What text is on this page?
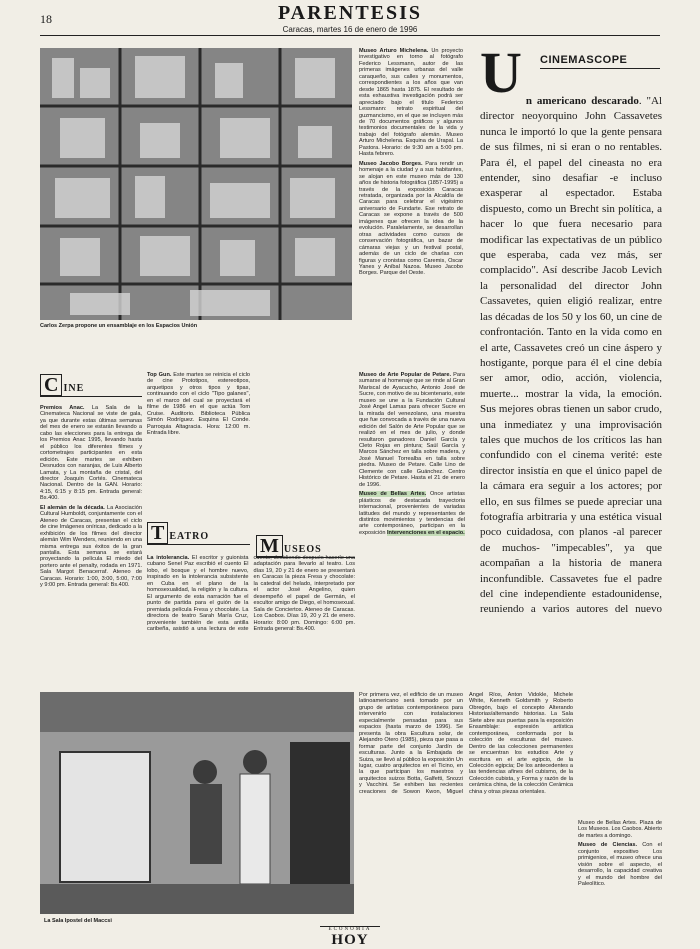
18	PARENTESIS
Caracas, martes 16 de enero de 1996
Carlos Zerpa propone un ensamblaje en los Espacios Unión
C INE

Premios Anac. La Sala de la Cinemateca Nacional se viste de gala, ya que durante estas últimas semanas del mes de enero se estarán llevando a cabo las elecciones para la entrega de los Premios Anac 1995, llevando hasta el público los diferentes filmes y cortometrajes participantes en esta edición. Este martes se exhiben Desnudos con naranjas, de Luis Alberto Lamata, y La montaña de cristal, del director Joaquín Cortés. Cinemateca Nacional. Dentro de la GAN. Horario: 4:15, 6:15 y 8:15 pm. Entrada general: Bs.400.

El alemán de la década. La Asociación Cultural Humboldt, conjuntamente con el Ateneo de Caracas, presentan el ciclo de cine Imágenes oníricas, dedicado a la exhibición de los filmes del director alemán Wim Wenders, reuniendo en una misma entrega sus éxitos de la gran pantalla. Esta semana se estará proyectando la película El miedo del portero ante el penalty, rodada en 1971. Sala Margot Benacerraf. Ateneo de Caracas. Horario: 1:00, 3:00, 5:00, 7:00 y 9:00 pm. Entrada general: Bs.400.

Top Gun. Este martes se reinicia el ciclo de cine Prototipos, estereotipos, arquetipos y otros tipos y tipas, continuando con el ciclo "Tipo galanes", en el marco del cual se proyectará el filme de 1986 en el que actúa Tom Cruise. Auditorio. Biblioteca Pública Simón Rodríguez. Esquina El Conde. Parroquia Altagracia. Hora: 12:00 m. Entrada libre.

T EATRO

La intolerancia. El escritor y guionista cubano Senel Paz escribió el cuento El lobo, el bosque y el hombre nuevo, inspirado en la intolerancia subsistente en Cuba en el plano de la homosexualidad, la religión y la cultura. El argumento de esta narración fue el punto de partida para el guión de la premiada película Fresa y chocolate. La directora de teatro Sarah María Cruz, proveniente también de esta antilla caribeña, asistió a una lectura de este cuento, decidiendo después hacerle una adaptación para llevarlo al teatro. Los días 19, 20 y 21 de enero se presentará en Caracas la pieza Fresa y chocolate: la catedral del helado, interpretado por el actor José Angelino, quien desempeñó el papel de Germán, el escultor amigo de Diego, el homosexual. Sala de Conciertos. Ateneo de Caracas. Los Caobos. Días 19, 20 y 21 de enero. Horario: 8:00 pm. Domingo: 6:00 pm. Entrada general: Bs.400.

M USEOS

Museo Arturo Michelena. Un proyecto investigativo en torno al fotógrafo Federico Lessmann, autor de las primeras imágenes urbanas del valle caraqueño, sus calles y monumentos, correspondientes a los años que van desde 1865 hasta 1875. El resultado de esta exhaustiva investigación podrá ser apreciado bajo el título Federico Lessmann: retrato espiritual del guzmancismo, en el que se incluyen más de 70 documentos gráficos y algunos testimonios documentales de la vida y trabajo del fotógrafo alemán. Museo Arturo Michelena. Esquina de Urapal. La Pastora. Horario: de 9:30 am a 5:00 pm. Hasta febrero.

Museo Jacobo Borges. Para rendir un homenaje a la ciudad y a sus habitantes, se alojan en este museo más de 130 años de historia fotográfica (1857-1995) a través de la exposición Caracas retratada, organizada por la Alcaldía de Caracas para celebrar el vigésimo aniversario de Fundarte. Ese retrato de Caracas se expone a través de 500 imágenes que ofrecen la idea de la evolución. Paralelamente, se desarrollan otras actividades como cursos de conservación fotográfica, un bazar de cámaras viejas y un festival postal, además de un ciclo de charlas con figuras y cronistas como Caremis, Oscar Yanes y Aníbal Nazoa. Museo Jacobo Borges. Parque del Oeste.

CINEMASCOPE
U n americano descarado. "Al director neoyorquino John Cassavetes nunca le importó lo que la gente pensara de sus filmes, ni si eran o no rentables. Para él, el papel del cineasta no era entender, sino desafiar -e incluso exasperar al espectador. Estaba dispuesto, como un Brecht sin política, a hacer lo que fuera necesario para modificar las expectativas de un público que esperaba, cada vez más, ser complacido". Así describe Jacob Levich la personalidad del director John Cassavetes, quien eligió realizar, entre las décadas de los 50 y los 60, un cine de confrontación. Tanto en la vida como en el arte, Cassavetes creó un cine áspero y hostigante, porque para él el cine debía ser amor, odio, acción, violencia, muerte... mostrar la vida, la emoción. Sus mejores obras tienen un sabor crudo, una inmediatez y una improvisación tales que muchos de los críticos las han confundido con el cinema verité: este director insistía en que el único papel de la cámara era seguir a los actores; por ello, en sus filmes se puede apreciar una fotografía arbitraria y una estética visual poco cuidadosa, con planos -al parecer de muchos- "impecables", ya que acompañan a la historia de manera inconfundible. Cassavetes fue el padre del cine independiente estadounidense, reuniendo a varios autores del nuevo

Museo de Arte Popular de Petare. Para sumarse al homenaje que se rinde al Gran Mariscal de Ayacucho, Antonio José de Sucre, con motivo de su bicentenario, este museo se une a la Fundación Cultural José Angel Lamas para ofrecer Sucre en la mirada del venezolano, una muestra que fue convocada a través de una nueva edición del Salón de Arte Popular que se realizó en el mes de julio, y donde resultaron ganadores Daniel García y Cleto Rojas en pintura; Saúl García y Marcos Sánchez en talla sobre madera, y José Manuel Torrealba en talla sobre piedra. Museo de Petare. Calle Lino de Clemente con calle Guánchez. Centro Histórico de Petare. Hasta el 21 de enero de 1996.

Museo de Bellas Artes. Once artistas plásticos de destacada trayectoria internacional, provenientes de variadas latitudes del mundo y representantes de distintos movimientos y tendencias del arte contemporáneo, participan en la exposición Intervenciones en el espacio.

La Sala Ipostel del Maccsi
Por primera vez, el edificio de un museo latinoamericano será tomado por un grupo de artistas contemporáneos para intervenirlo con instalaciones especialmente pensadas para sus espacios (hasta marzo de 1996). Se presenta la obra Escultura solar, de Alejandro Otero (1985), pieza que pasa a formar parte del conjunto Jardín de esculturas. Junto a la Embajada de Suiza, se llevó al público la exposición Un lugar, cuatro arquitectos en el Ticino, en la que participan los maestros y arquitectos suizos Botta, Galfetti, Snozzi y Vacchini. Se exhiben las recientes creaciones de Sowon Kwon, Miguel Angel Ríos, Anton Vidokle, Michele White, Kenneth Goldsmith y Roberto Obregón, bajo el concepto Alterando Historias/alternando historias. La Sala Siete abre sus puertas para la exposición Ensamblaje: expresión artística contemporánea, conformada por la colección de esculturas del museo. Dentro de las colecciones permanentes se encuentran los estudios Arte y escritura en el arte egipcio, de la Colección egipcia; De los antecedentes a las tendencias afines del cubismo, de la Colección cubista, y Forma y razón de la cerámica china, de la colección Cerámica china y otras piezas orientales.

Museo de Bellas Artes. Plaza de Los Museos. Los Caobos. Abierto de martes a domingo.

Museo de Ciencias. Con el conjunto expositivo Los primigenios, el museo ofrece una visión sobre el aspecto, el desarrollo, la capacidad creativa y el mundo del hombre del Paleolítico.

ECONOMIA
HOY
